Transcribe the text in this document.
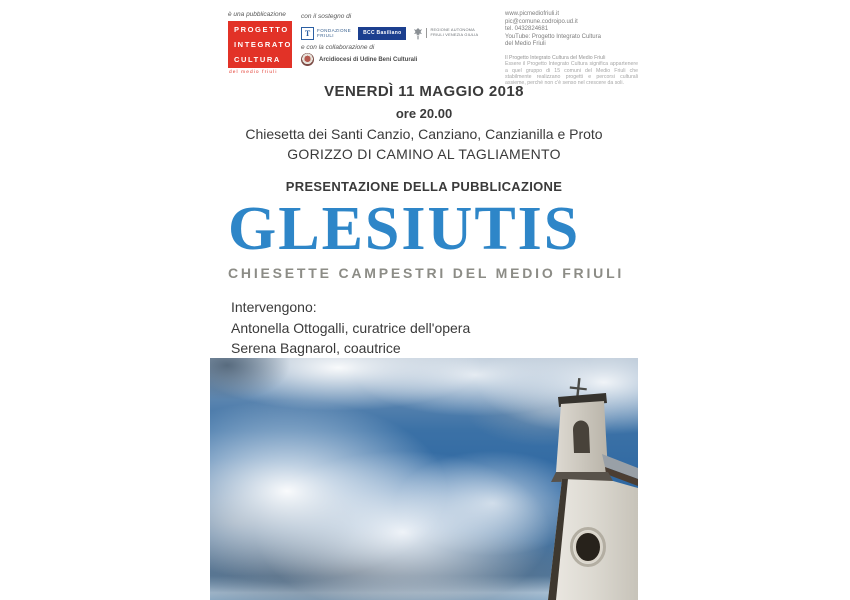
è una pubblicazione
PROGETTO ⊕
INTEGRATO
CULTURA
del medio friuli
con il sostegno di
T	FONDAZIONE
FRIULI	BCC Basiliano
REGIONE AUTONOMA
FRIULI VENEZIA GIULIA
e con la collaborazione di
Arcidiocesi di Udine Beni Culturali
www.picmediofriuli.it
pic@comune.codroipo.ud.it
tel. 0432824681
YouTube: Progetto Integrato Cultura
del Medio Friuli
Il Progetto Integrato Cultura del Medio Friuli
Essere il Progetto Integrato Cultura significa appartenere a quel gruppo di 15 comuni del Medio Friuli che stabilmente realizzano progetti e percorsi culturali assieme, perché non c'è senso nel crescere da soli.
VENERDÌ 11 MAGGIO 2018
ore 20.00
Chiesetta dei Santi Canzio, Canziano, Canzianilla e Proto
GORIZZO DI CAMINO AL TAGLIAMENTO
PRESENTAZIONE DELLA PUBBLICAZIONE
GLESIUTIS
CHIESETTE CAMPESTRI DEL MEDIO FRIULI
Intervengono:
Antonella Ottogalli, curatrice dell'opera
Serena Bagnarol, coautrice
